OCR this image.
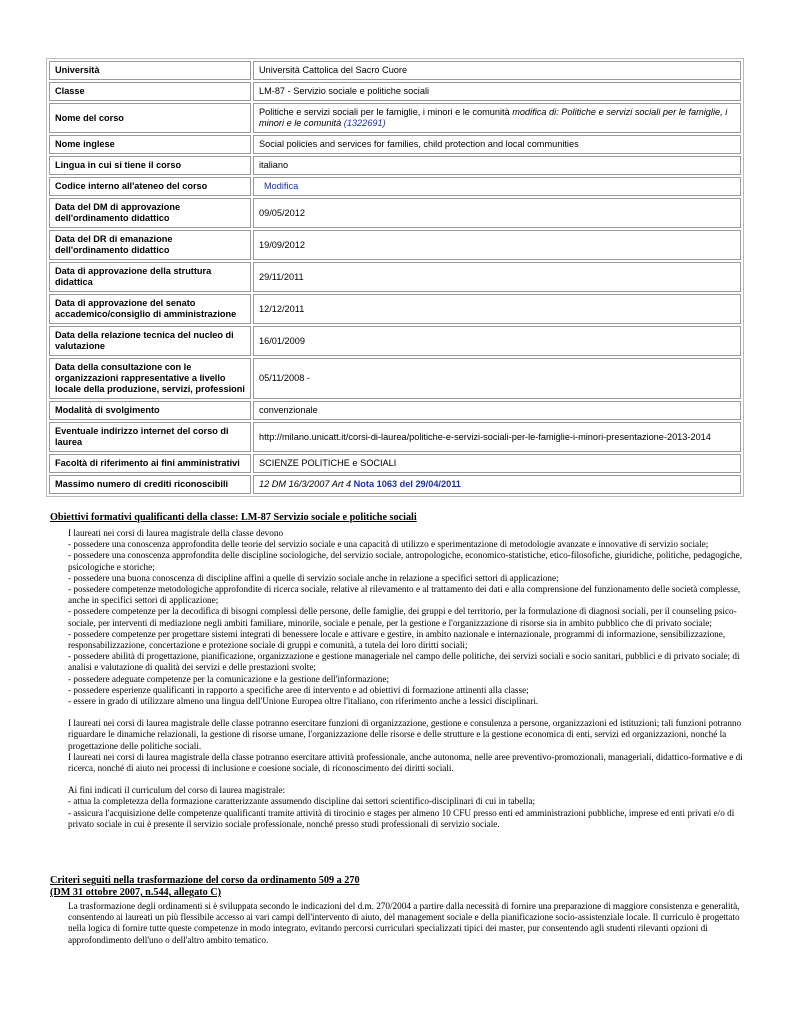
Università	Università Cattolica del Sacro Cuore
Classe	LM-87 - Servizio sociale e politiche sociali
Nome del corso	Politiche e servizi sociali per le famiglie, i minori e le comunità modifica di: Politiche e servizi sociali per le famiglie, i minori e le comunità (1322691)
Nome inglese	Social policies and services for families, child protection and local communities
Lingua in cui si tiene il corso	italiano
Codice interno all'ateneo del corso	Modifica
Data del DM di approvazione dell'ordinamento didattico	09/05/2012
Data del DR di emanazione dell'ordinamento didattico	19/09/2012
Data di approvazione della struttura didattica	29/11/2011
Data di approvazione del senato accademico/consiglio di amministrazione	12/12/2011
Data della relazione tecnica del nucleo di valutazione	16/01/2009
Data della consultazione con le organizzazioni rappresentative a livello locale della produzione, servizi, professioni	05/11/2008 -
Modalità di svolgimento	convenzionale
Eventuale indirizzo internet del corso di laurea	http://milano.unicatt.it/corsi-di-laurea/politiche-e-servizi-sociali-per-le-famiglie-i-minori-presentazione-2013-2014
Facoltà di riferimento ai fini amministrativi	SCIENZE POLITICHE e SOCIALI
Massimo numero di crediti riconoscibili	12 DM 16/3/2007 Art 4 Nota 1063 del 29/04/2011
Obiettivi formativi qualificanti della classe: LM-87 Servizio sociale e politiche sociali
I laureati nei corsi di laurea magistrale della classe devono
- possedere una conoscenza approfondita delle teorie del servizio sociale e una capacità di utilizzo e sperimentazione di metodologie avanzate e innovative di servizio sociale;
- possedere una conoscenza approfondita delle discipline sociologiche, del servizio sociale, antropologiche, economico-statistiche, etico-filosofiche, giuridiche, politiche, pedagogiche, psicologiche e storiche;
- possedere una buona conoscenza di discipline affini a quelle di servizio sociale anche in relazione a specifici settori di applicazione;
- possedere competenze metodologiche approfondite di ricerca sociale, relative al rilevamento e al trattamento dei dati e alla comprensione del funzionamento delle società complesse, anche in specifici settori di applicazione;
- possedere competenze per la decodifica di bisogni complessi delle persone, delle famiglie, dei gruppi e del territorio, per la formulazione di diagnosi sociali, per il counseling psico-sociale, per interventi di mediazione negli ambiti familiare, minorile, sociale e penale, per la gestione e l'organizzazione di risorse sia in ambito pubblico che di privato sociale;
- possedere competenze per progettare sistemi integrati di benessere locale e attivare e gestire, in ambito nazionale e internazionale, programmi di informazione, sensibilizzazione, responsabilizzazione, concertazione e protezione sociale di gruppi e comunità, a tutela dei loro diritti sociali;
- possedere abilità di progettazione, pianificazione, organizzazione e gestione manageriale nel campo delle politiche, dei servizi sociali e socio sanitari, pubblici e di privato sociale; di analisi e valutazione di qualità dei servizi e delle prestazioni svolte;
- possedere adeguate competenze per la comunicazione e la gestione dell'informazione;
- possedere esperienze qualificanti in rapporto a specifiche aree di intervento e ad obiettivi di formazione attinenti alla classe;
- essere in grado di utilizzare almeno una lingua dell'Unione Europea oltre l'italiano, con riferimento anche a lessici disciplinari.
I laureati nei corsi di laurea magistrale delle classe potranno esercitare funzioni di organizzazione, gestione e consulenza a persone, organizzazioni ed istituzioni; tali funzioni potranno riguardare le dinamiche relazionali, la gestione di risorse umane, l'organizzazione delle risorse e delle strutture e la gestione economica di enti, servizi ed organizzazioni, nonché la progettazione delle politiche sociali.
I laureati nei corsi di laurea magistrale della classe potranno esercitare attività professionale, anche autonoma, nelle aree preventivo-promozionali, manageriali, didattico-formative e di ricerca, nonché di aiuto nei processi di inclusione e coesione sociale, di riconoscimento dei diritti sociali.
Ai fini indicati il curriculum del corso di laurea magistrale:
- attua la completezza della formazione caratterizzante assumendo discipline dai settori scientifico-disciplinari di cui in tabella;
- assicura l'acquisizione delle competenze qualificanti tramite attività di tirocinio e stages per almeno 10 CFU presso enti ed amministrazioni pubbliche, imprese ed enti privati e/o di privato sociale in cui è presente il servizio sociale professionale, nonché presso studi professionali di servizio sociale.
Criteri seguiti nella trasformazione del corso da ordinamento 509 a 270
(DM 31 ottobre 2007, n.544, allegato C)

La trasformazione degli ordinamenti si è sviluppata secondo le indicazioni del d.m. 270/2004 a partire dalla necessità di fornire una preparazione di maggiore consistenza e generalità, consentendo ai laureati un più flessibile accesso ai vari campi dell'intervento di aiuto, del management sociale e della pianificazione socio-assistenziale locale. Il curriculo è progettato nella logica di fornire tutte queste competenze in modo integrato, evitando percorsi curriculari specializzati tipici dei master, pur consentendo agli studenti rilevanti opzioni di approfondimento dell'uno o dell'altro ambito tematico.
